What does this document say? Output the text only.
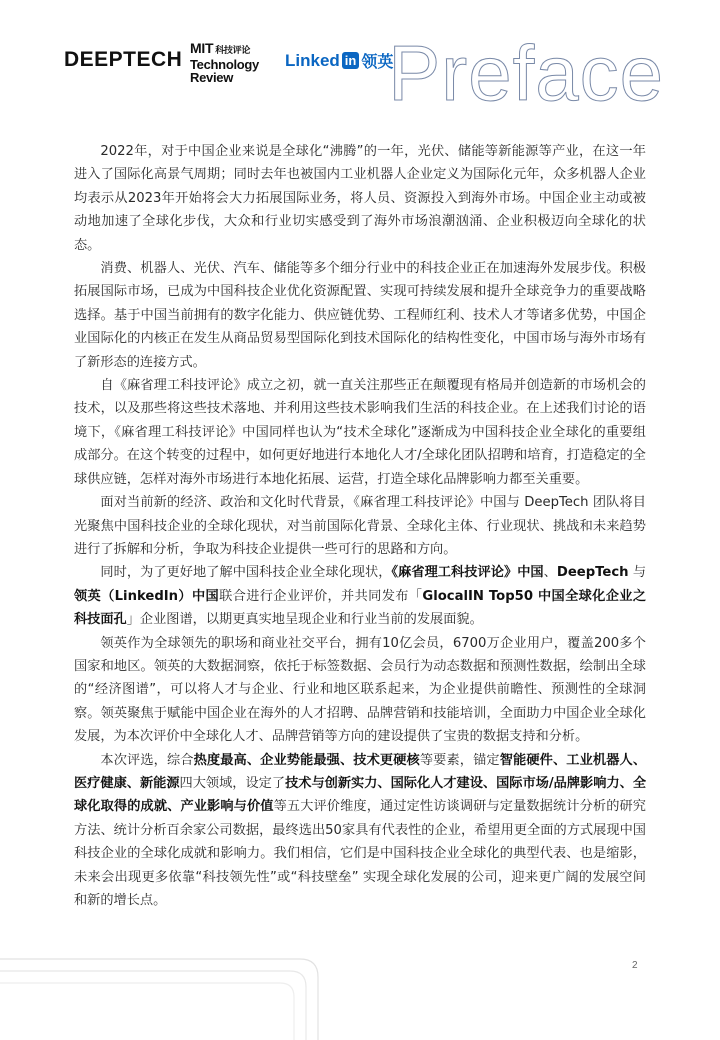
DEEPTECH MIT 科技评论
Technology
Review
Linked in 领英
Preface

2022年，对于中国企业来说是全球化“沸腾”的一年，光伏、储能等新能源等产业，在这一年进入了国际化高景气周期；同时去年也被国内工业机器人企业定义为国际化元年，众多机器人企业均表示从2023年开始将会大力拓展国际业务，将人员、资源投入到海外市场。中国企业主动或被动地加速了全球化步伐，大众和行业切实感受到了海外市场浪潮汹涌、企业积极迈向全球化的状态。

消费、机器人、光伏、汽车、储能等多个细分行业中的科技企业正在加速海外发展步伐。积极拓展国际市场，已成为中国科技企业优化资源配置、实现可持续发展和提升全球竞争力的重要战略选择。基于中国当前拥有的数字化能力、供应链优势、工程师红利、技术人才等诸多优势，中国企业国际化的内核正在发生从商品贸易型国际化到技术国际化的结构性变化，中国市场与海外市场有了新形态的连接方式。

自《麻省理工科技评论》成立之初，就一直关注那些正在颠覆现有格局并创造新的市场机会的技术，以及那些将这些技术落地、并利用这些技术影响我们生活的科技企业。在上述我们讨论的语境下，《麻省理工科技评论》中国同样也认为“技术全球化”逐渐成为中国科技企业全球化的重要组成部分。在这个转变的过程中，如何更好地进行本地化人才/全球化团队招聘和培育，打造稳定的全球供应链，怎样对海外市场进行本地化拓展、运营，打造全球化品牌影响力都至关重要。

面对当前新的经济、政治和文化时代背景，《麻省理工科技评论》中国与 DeepTech 团队将目光聚焦中国科技企业的全球化现状，对当前国际化背景、全球化主体、行业现状、挑战和未来趋势进行了拆解和分析，争取为科技企业提供一些可行的思路和方向。

同时，为了更好地了解中国科技企业全球化现状，《麻省理工科技评论》中国、DeepTech 与领英（LinkedIn）中国联合进行企业评价，并共同发布「GlocalIN Top50 中国全球化企业之科技面孔」企业图谱，以期更真实地呈现企业和行业当前的发展面貌。

领英作为全球领先的职场和商业社交平台，拥有10亿会员，6700万企业用户，覆盖200多个国家和地区。领英的大数据洞察，依托于标签数据、会员行为动态数据和预测性数据，绘制出全球的“经济图谱”，可以将人才与企业、行业和地区联系起来，为企业提供前瞻性、预测性的全球洞察。领英聚焦于赋能中国企业在海外的人才招聘、品牌营销和技能培训，全面助力中国企业全球化发展，为本次评价中全球化人才、品牌营销等方向的建设提供了宝贵的数据支持和分析。

本次评选，综合热度最高、企业势能最强、技术更硬核等要素，锚定智能硬件、工业机器人、医疗健康、新能源四大领域，设定了技术与创新实力、国际化人才建设、国际市场/品牌影响力、全球化取得的成就、产业影响与价值等五大评价维度，通过定性访谈调研与定量数据统计分析的研究方法、统计分析百余家公司数据，最终选出50家具有代表性的企业，希望用更全面的方式展现中国科技企业的全球化成就和影响力。我们相信，它们是中国科技企业全球化的典型代表、也是缩影，未来会出现更多依靠“科技领先性”或“科技壁垒” 实现全球化发展的公司，迎来更广阔的发展空间和新的增长点。

2
